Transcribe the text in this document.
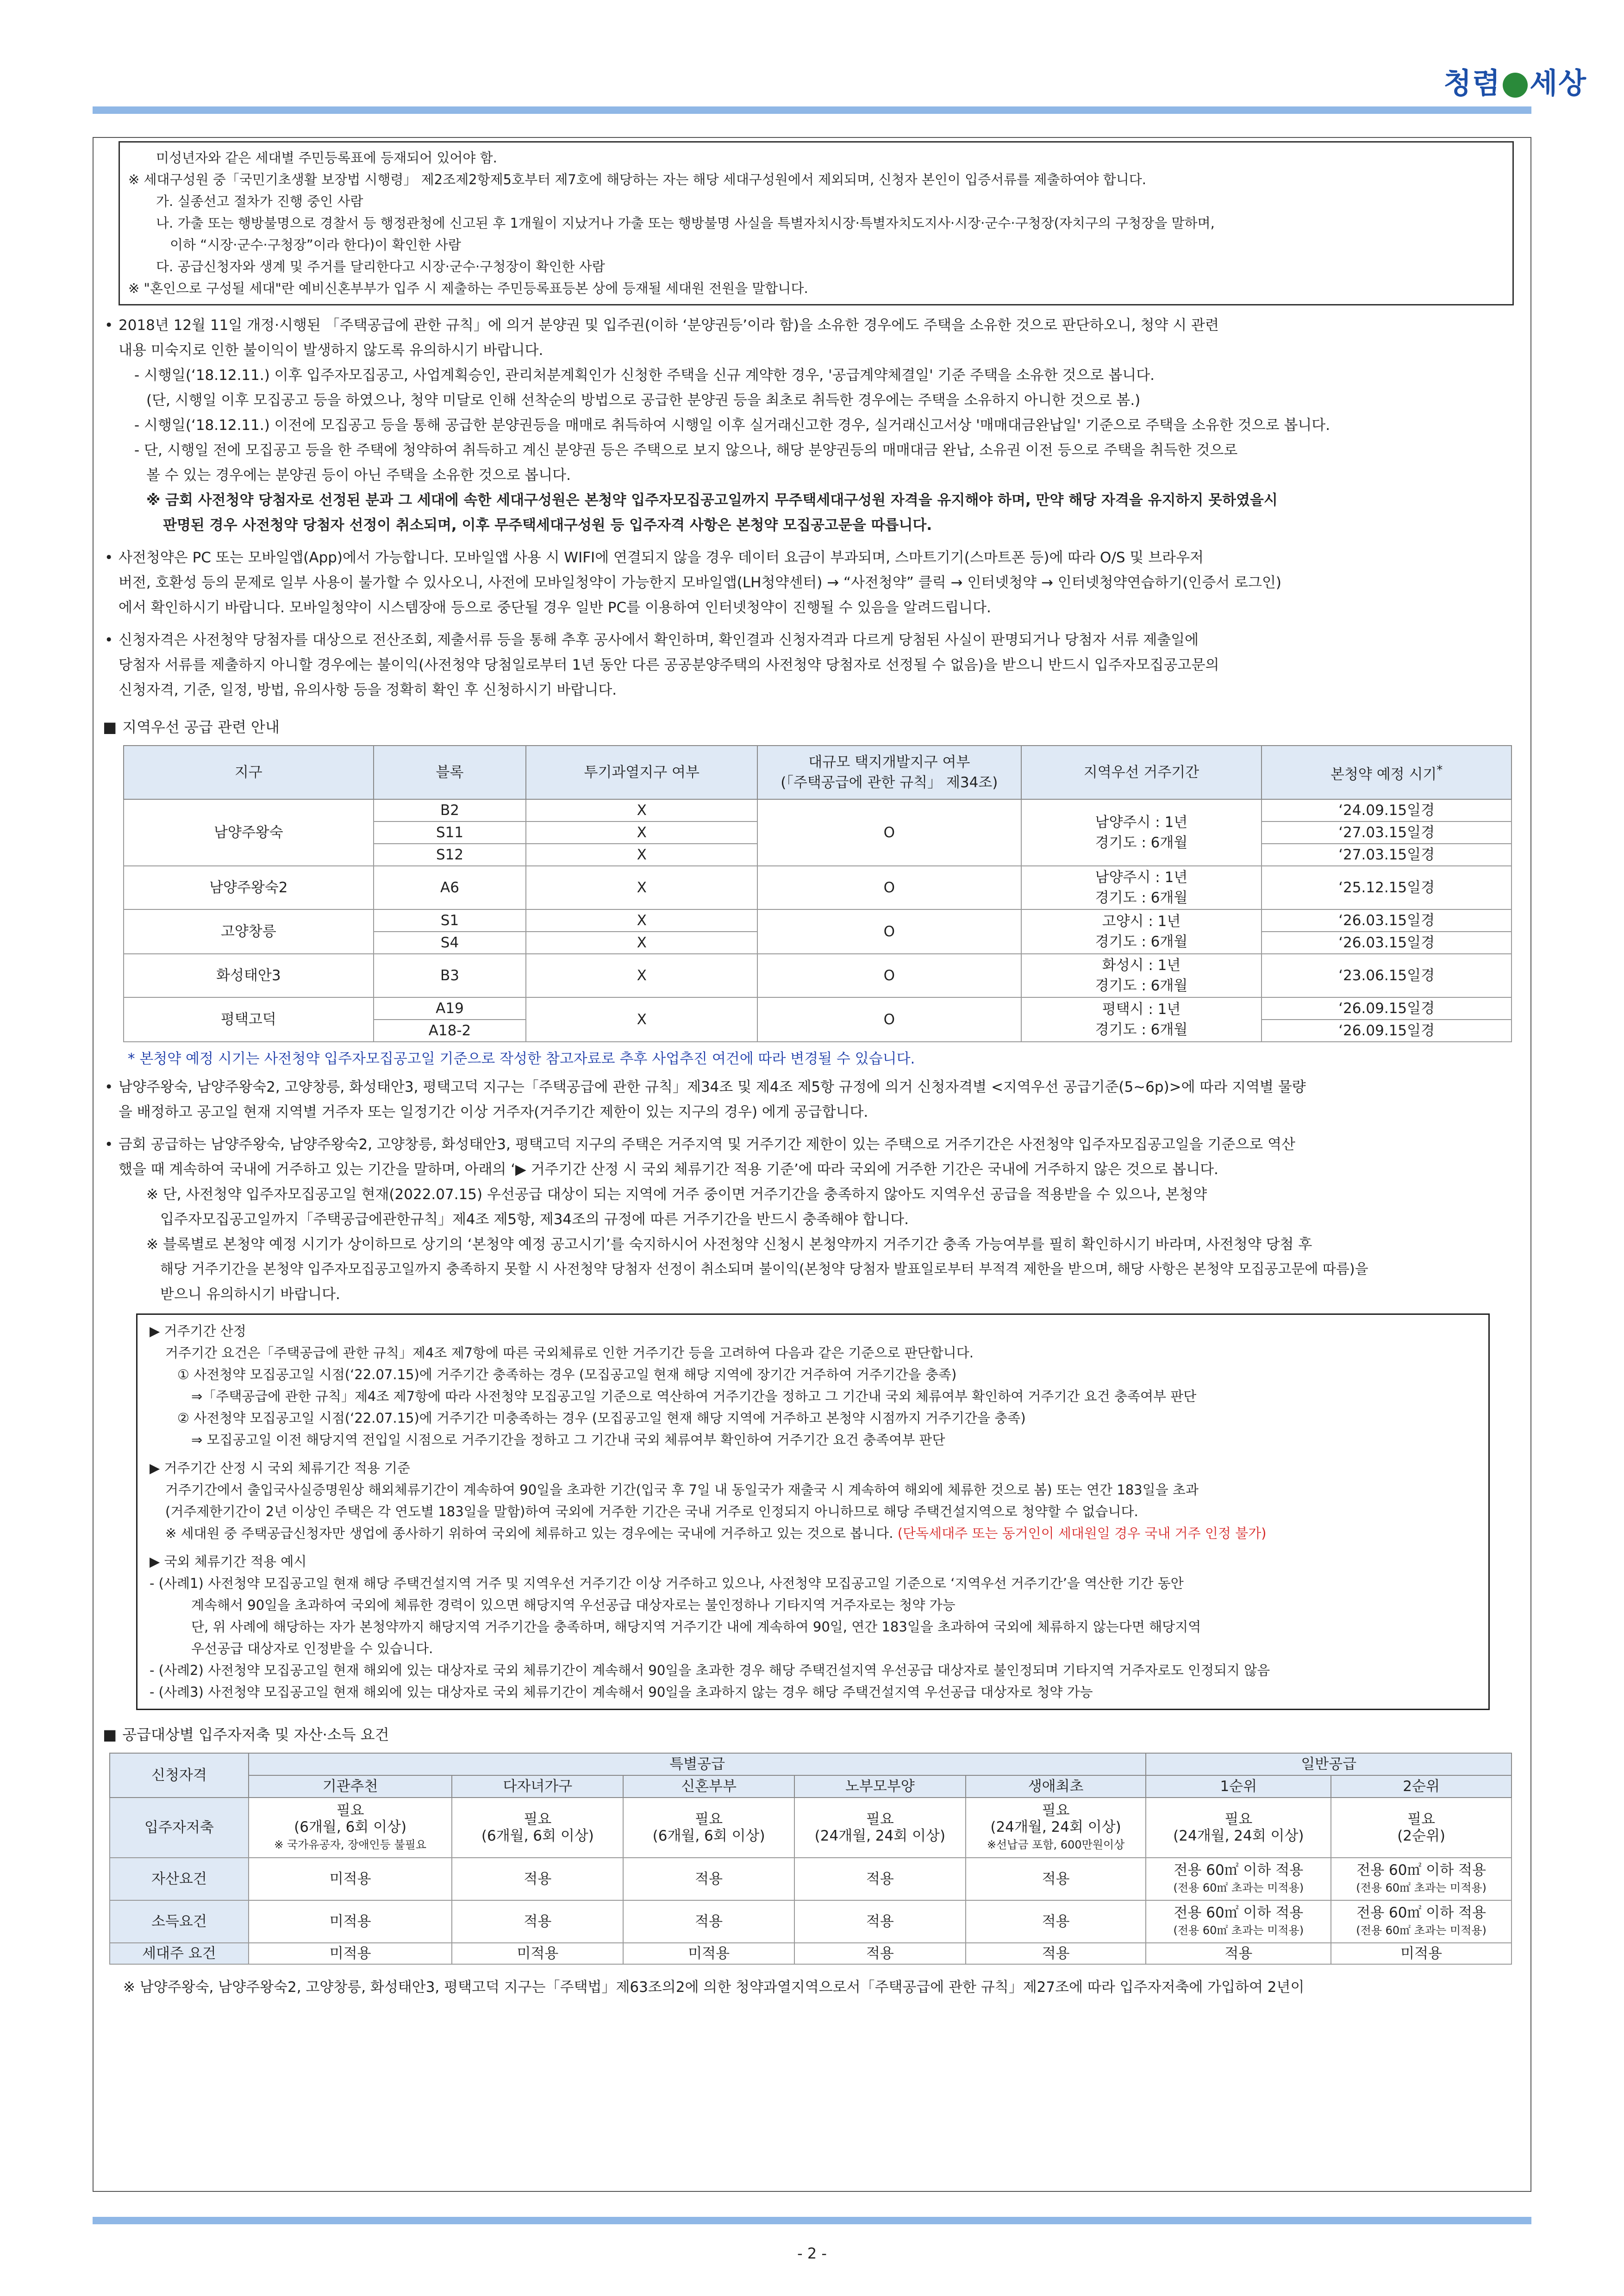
청렴 세상

미성년자와 같은 세대별 주민등록표에 등재되어 있어야 함.

※ 세대구성원 중「국민기초생활 보장법 시행령」 제2조제2항제5호부터 제7호에 해당하는 자는 해당 세대구성원에서 제외되며, 신청자 본인이 입증서류를 제출하여야 합니다.

가. 실종선고 절차가 진행 중인 사람

나. 가출 또는 행방불명으로 경찰서 등 행정관청에 신고된 후 1개월이 지났거나 가출 또는 행방불명 사실을 특별자치시장·특별자치도지사·시장·군수·구청장(자치구의 구청장을 말하며,

이하 “시장·군수·구청장”이라 한다)이 확인한 사람

다. 공급신청자와 생계 및 주거를 달리한다고 시장·군수·구청장이 확인한 사람

※ "혼인으로 구성될 세대"란 예비신혼부부가 입주 시 제출하는 주민등록표등본 상에 등재될 세대원 전원을 말합니다.

• 2018년 12월 11일 개정·시행된 「주택공급에 관한 규칙」에 의거 분양권 및 입주권(이하 ‘분양권등’이라 함)을 소유한 경우에도 주택을 소유한 것으로 판단하오니, 청약 시 관련

내용 미숙지로 인한 불이익이 발생하지 않도록 유의하시기 바랍니다.

- 시행일(‘18.12.11.) 이후 입주자모집공고, 사업계획승인, 관리처분계획인가 신청한 주택을 신규 계약한 경우, '공급계약체결일' 기준 주택을 소유한 것으로 봅니다.

(단, 시행일 이후 모집공고 등을 하였으나, 청약 미달로 인해 선착순의 방법으로 공급한 분양권 등을 최초로 취득한 경우에는 주택을 소유하지 아니한 것으로 봄.)

- 시행일(‘18.12.11.) 이전에 모집공고 등을 통해 공급한 분양권등을 매매로 취득하여 시행일 이후 실거래신고한 경우, 실거래신고서상 '매매대금완납일' 기준으로 주택을 소유한 것으로 봅니다.

- 단, 시행일 전에 모집공고 등을 한 주택에 청약하여 취득하고 계신 분양권 등은 주택으로 보지 않으나, 해당 분양권등의 매매대금 완납, 소유권 이전 등으로 주택을 취득한 것으로

볼 수 있는 경우에는 분양권 등이 아닌 주택을 소유한 것으로 봅니다.

※ 금회 사전청약 당첨자로 선정된 분과 그 세대에 속한 세대구성원은 본청약 입주자모집공고일까지 무주택세대구성원 자격을 유지해야 하며, 만약 해당 자격을 유지하지 못하였을시

판명된 경우 사전청약 당첨자 선정이 취소되며, 이후 무주택세대구성원 등 입주자격 사항은 본청약 모집공고문을 따릅니다.

• 사전청약은 PC 또는 모바일앱(App)에서 가능합니다. 모바일앱 사용 시 WIFI에 연결되지 않을 경우 데이터 요금이 부과되며, 스마트기기(스마트폰 등)에 따라 O/S 및 브라우저

버전, 호환성 등의 문제로 일부 사용이 불가할 수 있사오니, 사전에 모바일청약이 가능한지 모바일앱(LH청약센터) → “사전청약” 클릭 → 인터넷청약 → 인터넷청약연습하기(인증서 로그인)

에서 확인하시기 바랍니다. 모바일청약이 시스템장애 등으로 중단될 경우 일반 PC를 이용하여 인터넷청약이 진행될 수 있음을 알려드립니다.

• 신청자격은 사전청약 당첨자를 대상으로 전산조회, 제출서류 등을 통해 추후 공사에서 확인하며, 확인결과 신청자격과 다르게 당첨된 사실이 판명되거나 당첨자 서류 제출일에

당첨자 서류를 제출하지 아니할 경우에는 불이익(사전청약 당첨일로부터 1년 동안 다른 공공분양주택의 사전청약 당첨자로 선정될 수 없음)을 받으니 반드시 입주자모집공고문의

신청자격, 기준, 일정, 방법, 유의사항 등을 정확히 확인 후 신청하시기 바랍니다.

■ 지역우선 공급 관련 안내
지구	블록	투기과열지구 여부	대규모 택지개발지구 여부
(「주택공급에 관한 규칙」 제34조)	지역우선 거주기간	본청약 예정 시기*
남양주왕숙	B2	X	O	남양주시 : 1년
경기도 : 6개월	‘24.09.15일경
	S11	X			‘27.03.15일경
	S12	X			‘27.03.15일경
남양주왕숙2	A6	X	O	남양주시 : 1년
경기도 : 6개월	‘25.12.15일경
고양창릉	S1	X	O	고양시 : 1년
경기도 : 6개월	‘26.03.15일경
	S4	X			‘26.03.15일경
화성태안3	B3	X	O	화성시 : 1년
경기도 : 6개월	‘23.06.15일경
평택고덕	A19	X	O	평택시 : 1년
경기도 : 6개월	‘26.09.15일경
	A18-2				‘26.09.15일경

* 본청약 예정 시기는 사전청약 입주자모집공고일 기준으로 작성한 참고자료로 추후 사업추진 여건에 따라 변경될 수 있습니다.

• 남양주왕숙, 남양주왕숙2, 고양창릉, 화성태안3, 평택고덕 지구는「주택공급에 관한 규칙」제34조 및 제4조 제5항 규정에 의거 신청자격별 <지역우선 공급기준(5~6p)>에 따라 지역별 물량

을 배정하고 공고일 현재 지역별 거주자 또는 일정기간 이상 거주자(거주기간 제한이 있는 지구의 경우) 에게 공급합니다.

• 금회 공급하는 남양주왕숙, 남양주왕숙2, 고양창릉, 화성태안3, 평택고덕 지구의 주택은 거주지역 및 거주기간 제한이 있는 주택으로 거주기간은 사전청약 입주자모집공고일을 기준으로 역산

했을 때 계속하여 국내에 거주하고 있는 기간을 말하며, 아래의 ‘▶ 거주기간 산정 시 국외 체류기간 적용 기준’에 따라 국외에 거주한 기간은 국내에 거주하지 않은 것으로 봅니다.

※ 단, 사전청약 입주자모집공고일 현재(2022.07.15) 우선공급 대상이 되는 지역에 거주 중이면 거주기간을 충족하지 않아도 지역우선 공급을 적용받을 수 있으나, 본청약

입주자모집공고일까지「주택공급에관한규칙」제4조 제5항, 제34조의 규정에 따른 거주기간을 반드시 충족해야 합니다.

※ 블록별로 본청약 예정 시기가 상이하므로 상기의 ‘본청약 예정 공고시기’를 숙지하시어 사전청약 신청시 본청약까지 거주기간 충족 가능여부를 필히 확인하시기 바라며, 사전청약 당첨 후

해당 거주기간을 본청약 입주자모집공고일까지 충족하지 못할 시 사전청약 당첨자 선정이 취소되며 불이익(본청약 당첨자 발표일로부터 부적격 제한을 받으며, 해당 사항은 본청약 모집공고문에 따름)을

받으니 유의하시기 바랍니다.

▶ 거주기간 산정

거주기간 요건은「주택공급에 관한 규칙」제4조 제7항에 따른 국외체류로 인한 거주기간 등을 고려하여 다음과 같은 기준으로 판단합니다.

① 사전청약 모집공고일 시점(‘22.07.15)에 거주기간 충족하는 경우 (모집공고일 현재 해당 지역에 장기간 거주하여 거주기간을 충족)

⇒「주택공급에 관한 규칙」제4조 제7항에 따라 사전청약 모집공고일 기준으로 역산하여 거주기간을 정하고 그 기간내 국외 체류여부 확인하여 거주기간 요건 충족여부 판단

② 사전청약 모집공고일 시점(‘22.07.15)에 거주기간 미충족하는 경우 (모집공고일 현재 해당 지역에 거주하고 본청약 시점까지 거주기간을 충족)

⇒ 모집공고일 이전 해당지역 전입일 시점으로 거주기간을 정하고 그 기간내 국외 체류여부 확인하여 거주기간 요건 충족여부 판단

▶ 거주기간 산정 시 국외 체류기간 적용 기준

거주기간에서 출입국사실증명원상 해외체류기간이 계속하여 90일을 초과한 기간(입국 후 7일 내 동일국가 재출국 시 계속하여 해외에 체류한 것으로 봄) 또는 연간 183일을 초과

(거주제한기간이 2년 이상인 주택은 각 연도별 183일을 말함)하여 국외에 거주한 기간은 국내 거주로 인정되지 아니하므로 해당 주택건설지역으로 청약할 수 없습니다.

※ 세대원 중 주택공급신청자만 생업에 종사하기 위하여 국외에 체류하고 있는 경우에는 국내에 거주하고 있는 것으로 봅니다. (단독세대주 또는 동거인이 세대원일 경우 국내 거주 인정 불가)

▶ 국외 체류기간 적용 예시

- (사례1) 사전청약 모집공고일 현재 해당 주택건설지역 거주 및 지역우선 거주기간 이상 거주하고 있으나, 사전청약 모집공고일 기준으로 ‘지역우선 거주기간’을 역산한 기간 동안

계속해서 90일을 초과하여 국외에 체류한 경력이 있으면 해당지역 우선공급 대상자로는 불인정하나 기타지역 거주자로는 청약 가능

단, 위 사례에 해당하는 자가 본청약까지 해당지역 거주기간을 충족하며, 해당지역 거주기간 내에 계속하여 90일, 연간 183일을 초과하여 국외에 체류하지 않는다면 해당지역

우선공급 대상자로 인정받을 수 있습니다.

- (사례2) 사전청약 모집공고일 현재 해외에 있는 대상자로 국외 체류기간이 계속해서 90일을 초과한 경우 해당 주택건설지역 우선공급 대상자로 불인정되며 기타지역 거주자로도 인정되지 않음

- (사례3) 사전청약 모집공고일 현재 해외에 있는 대상자로 국외 체류기간이 계속해서 90일을 초과하지 않는 경우 해당 주택건설지역 우선공급 대상자로 청약 가능

■ 공급대상별 입주자저축 및 자산·소득 요건
신청자격	특별공급					일반공급	
	기관추천	다자녀가구	신혼부부	노부모부양	생애최초	1순위	2순위
입주자저축	필요
(6개월, 6회 이상)
※ 국가유공자, 장애인등 불필요	필요
(6개월, 6회 이상)	필요
(6개월, 6회 이상)	필요
(24개월, 24회 이상)	필요
(24개월, 24회 이상)
※선납금 포함, 600만원이상	필요
(24개월, 24회 이상)	필요
(2순위)
자산요건	미적용	적용	적용	적용	적용	전용 60㎡ 이하 적용
(전용 60㎡ 초과는 미적용)	전용 60㎡ 이하 적용
(전용 60㎡ 초과는 미적용)
소득요건	미적용	적용	적용	적용	적용	전용 60㎡ 이하 적용
(전용 60㎡ 초과는 미적용)	전용 60㎡ 이하 적용
(전용 60㎡ 초과는 미적용)
세대주 요건	미적용	미적용	미적용	적용	적용	적용	미적용

※ 남양주왕숙, 남양주왕숙2, 고양창릉, 화성태안3, 평택고덕 지구는「주택법」제63조의2에 의한 청약과열지역으로서「주택공급에 관한 규칙」제27조에 따라 입주자저축에 가입하여 2년이

- 2 -
